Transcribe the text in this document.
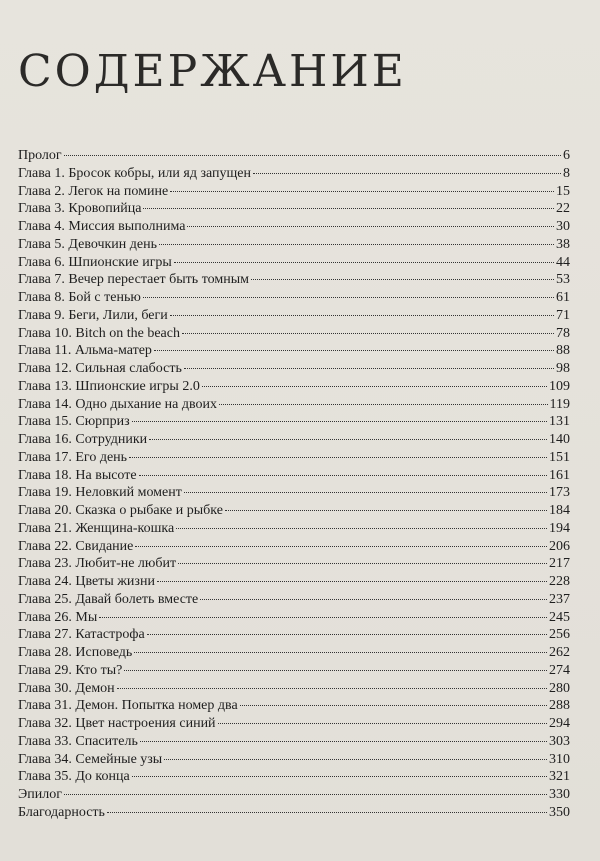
СОДЕРЖАНИЕ
Пролог	6
Глава 1. Бросок кобры, или яд запущен	8
Глава 2. Легок на помине	15
Глава 3. Кровопийца	22
Глава 4. Миссия выполнима	30
Глава 5. Девочкин день	38
Глава 6. Шпионские игры	44
Глава 7. Вечер перестает быть томным	53
Глава 8. Бой с тенью	61
Глава 9. Беги, Лили, беги	71
Глава 10. Bitch on the beach	78
Глава 11. Альма-матер	88
Глава 12. Сильная слабость	98
Глава 13. Шпионские игры 2.0	109
Глава 14. Одно дыхание на двоих	119
Глава 15. Сюрприз	131
Глава 16. Сотрудники	140
Глава 17. Его день	151
Глава 18. На высоте	161
Глава 19. Неловкий момент	173
Глава 20. Сказка о рыбаке и рыбке	184
Глава 21. Женщина-кошка	194
Глава 22. Свидание	206
Глава 23. Любит-не любит	217
Глава 24. Цветы жизни	228
Глава 25. Давай болеть вместе	237
Глава 26. Мы	245
Глава 27. Катастрофа	256
Глава 28. Исповедь	262
Глава 29. Кто ты?	274
Глава 30. Демон	280
Глава 31. Демон. Попытка номер два	288
Глава 32. Цвет настроения синий	294
Глава 33. Спаситель	303
Глава 34. Семейные узы	310
Глава 35. До конца	321
Эпилог	330
Благодарность	350
